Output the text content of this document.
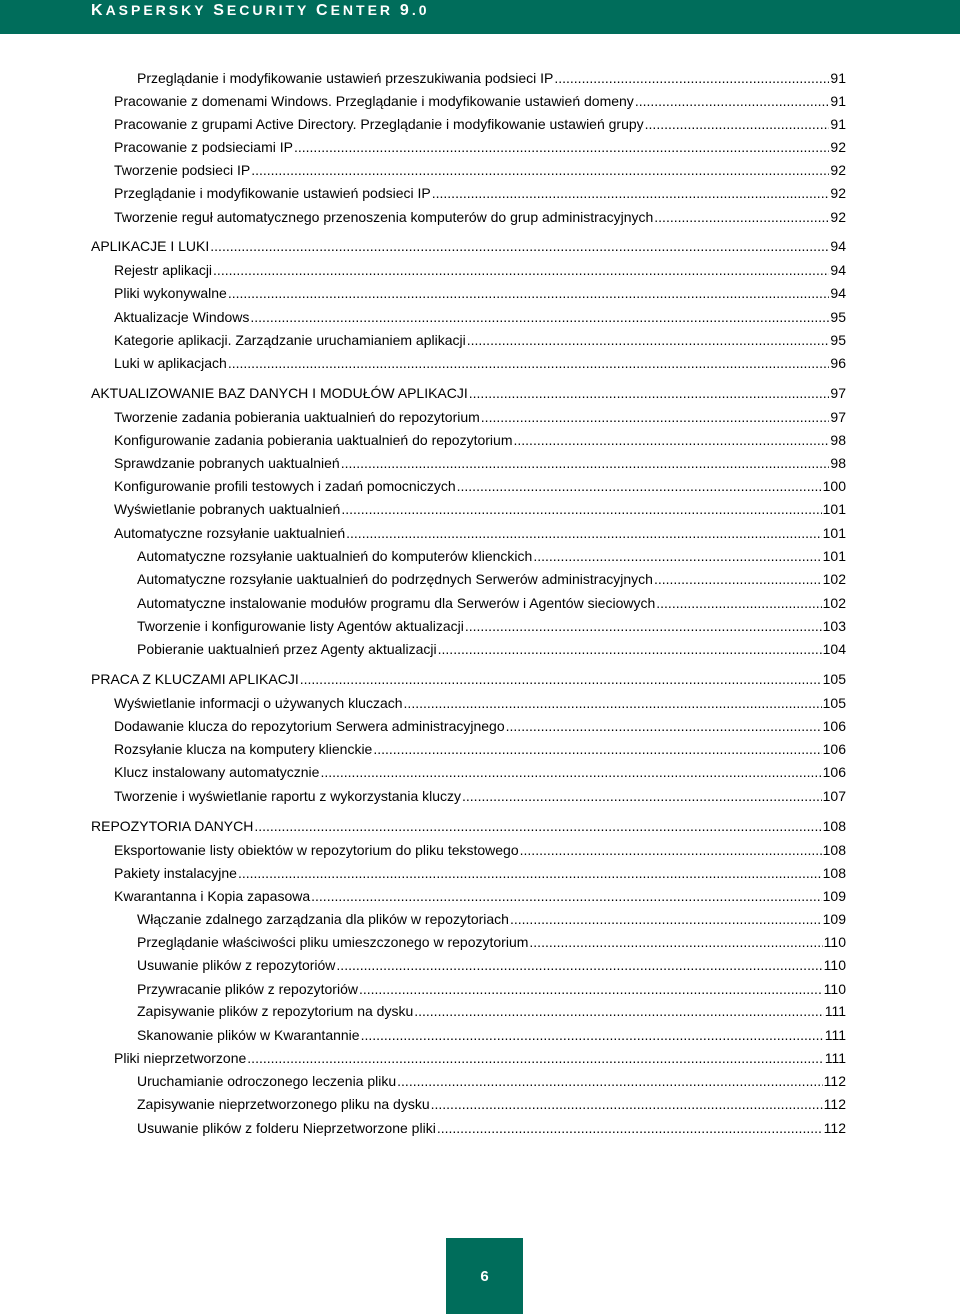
KASPERSKY SECURITY CENTER 9.0
Przeglądanie i modyfikowanie ustawień przeszukiwania podsieci IP .....	91
Pracowanie z domenami Windows. Przeglądanie i modyfikowanie ustawień domeny .....	91
Pracowanie z grupami Active Directory. Przeglądanie i modyfikowanie ustawień grupy .....	91
Pracowanie z podsieciami IP .....	92
Tworzenie podsieci IP .....	92
Przeglądanie i modyfikowanie ustawień podsieci IP .....	92
Tworzenie reguł automatycznego przenoszenia komputerów do grup administracyjnych .....	92
APLIKACJE I LUKI .....	94
Rejestr aplikacji .....	94
Pliki wykonywalne .....	94
Aktualizacje Windows .....	95
Kategorie aplikacji. Zarządzanie uruchamianiem aplikacji .....	95
Luki w aplikacjach .....	96
AKTUALIZOWANIE BAZ DANYCH I MODUŁÓW APLIKACJI .....	97
Tworzenie zadania pobierania uaktualnień do repozytorium .....	97
Konfigurowanie zadania pobierania uaktualnień do repozytorium .....	98
Sprawdzanie pobranych uaktualnień .....	98
Konfigurowanie profili testowych i zadań pomocniczych .....	100
Wyświetlanie pobranych uaktualnień .....	101
Automatyczne rozsyłanie uaktualnień .....	101
Automatyczne rozsyłanie uaktualnień do komputerów klienckich .....	101
Automatyczne rozsyłanie uaktualnień do podrzędnych Serwerów administracyjnych .....	102
Automatyczne instalowanie modułów programu dla Serwerów i Agentów sieciowych .....	102
Tworzenie i konfigurowanie listy Agentów aktualizacji .....	103
Pobieranie uaktualnień przez Agenty aktualizacji .....	104
PRACA Z KLUCZAMI APLIKACJI .....	105
Wyświetlanie informacji o używanych kluczach .....	105
Dodawanie klucza do repozytorium Serwera administracyjnego .....	106
Rozsyłanie klucza na komputery klienckie .....	106
Klucz instalowany automatycznie .....	106
Tworzenie i wyświetlanie raportu z wykorzystania kluczy .....	107
REPOZYTORIA DANYCH .....	108
Eksportowanie listy obiektów w repozytorium do pliku tekstowego .....	108
Pakiety instalacyjne .....	108
Kwarantanna i Kopia zapasowa .....	109
Włączanie zdalnego zarządzania dla plików w repozytoriach .....	109
Przeglądanie właściwości pliku umieszczonego w repozytorium .....	110
Usuwanie plików z repozytoriów .....	110
Przywracanie plików z repozytoriów .....	110
Zapisywanie plików z repozytorium na dysku .....	111
Skanowanie plików w Kwarantannie .....	111
Pliki nieprzetworzone .....	111
Uruchamianie odroczonego leczenia pliku .....	112
Zapisywanie nieprzetworzonego pliku na dysku .....	112
Usuwanie plików z folderu Nieprzetworzone pliki .....	112
6
